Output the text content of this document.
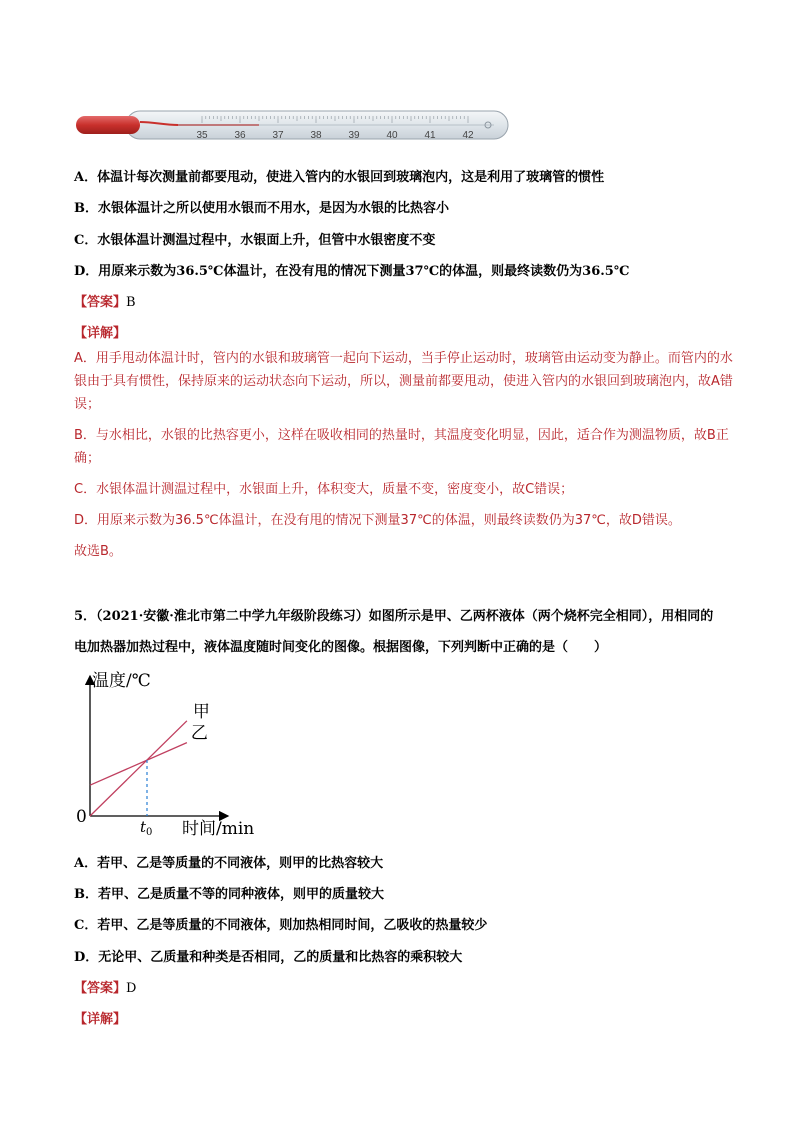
35	36	37	38	39	40	41	42
A．体温计每次测量前都要甩动，使进入管内的水银回到玻璃泡内，这是利用了玻璃管的惯性
B．水银体温计之所以使用水银而不用水，是因为水银的比热容小
C．水银体温计测温过程中，水银面上升，但管中水银密度不变
D．用原来示数为36.5℃体温计，在没有甩的情况下测量37℃的体温，则最终读数仍为36.5℃
【答案】B
【详解】

A．用手甩动体温计时，管内的水银和玻璃管一起向下运动，当手停止运动时，玻璃管由运动变为静止。而管内的水银由于具有惯性，保持原来的运动状态向下运动，所以，测量前都要甩动，使进入管内的水银回到玻璃泡内，故A错误；

B．与水相比，水银的比热容更小，这样在吸收相同的热量时，其温度变化明显，因此，适合作为测温物质，故B正确；

C．水银体温计测温过程中，水银面上升，体积变大，质量不变，密度变小，故C错误；

D．用原来示数为36.5℃体温计，在没有甩的情况下测量37℃的体温，则最终读数仍为37℃，故D错误。

故选B。

5．（2021·安徽·淮北市第二中学九年级阶段练习）如图所示是甲、乙两杯液体（两个烧杯完全相同），用相同的电加热器加热过程中，液体温度随时间变化的图像。根据图像，下列判断中正确的是（　　）
温度/℃
时间/min
0	$t_0$
甲
乙
A．若甲、乙是等质量的不同液体，则甲的比热容较大
B．若甲、乙是质量不等的同种液体，则甲的质量较大
C．若甲、乙是等质量的不同液体，则加热相同时间，乙吸收的热量较少
D．无论甲、乙质量和种类是否相同，乙的质量和比热容的乘积较大
【答案】D
【详解】
